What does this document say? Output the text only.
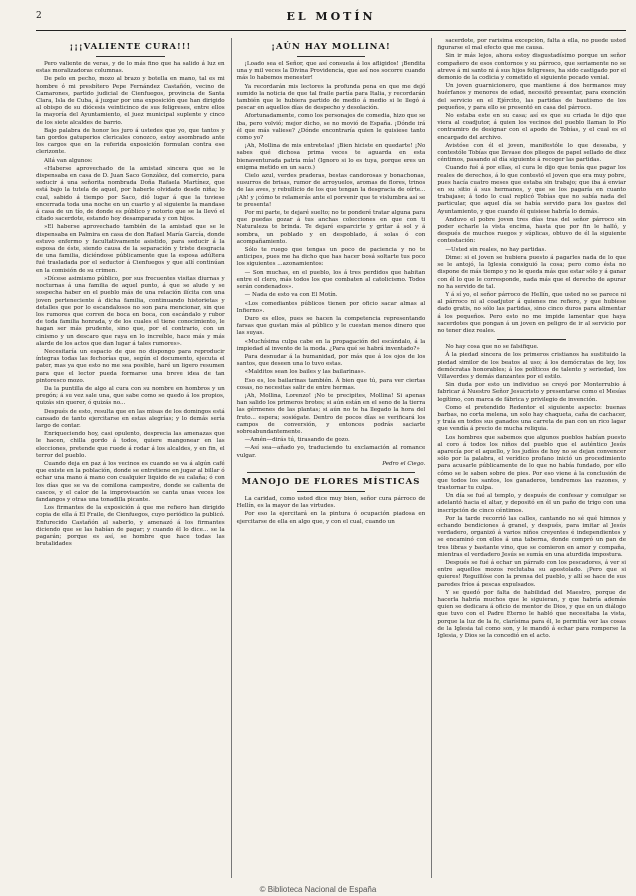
2	EL MOTÍN
¡¡¡VALIENTE CURA!!!

Pero valiente de veras, y de lo más fino que ha salido á luz en estas moralizadoras columnas.

De pelo en pecho, mozo al brazo y botella en mano, tal es mi hombre ó mi presbítero Pepe Fernández Castañón, vecino de Camarones, partido judicial de Cienfuegos, provincia de Santa Clara, Isla de Cuba, á juzgar por una exposición que han dirigido al obispo de su diócesis veinticinco de sus feligreses, entre ellos la mayoría del Ayuntamiento, el juez municipal suplente y cinco de los siete alcaldes de barrio.

Bajo palabra de honor les juro á ustedes que yo, que tantos y tan gordos gatuperios clericales conozco, estoy asombrado ante los cargos que en la referida exposición formulan contra ese clerizonte.

Allá van algunos:

«Haberse aprovechado de la amistad sincera que se le dispensaba en casa de D. Juan Saco González, del comercio, para seducir á una señorita nombrada Doña Rafaela Martínez, que está bajo la tutela de aquel, por haberle olvidado desde niña; lo cual, sabido á tiempo por Saco, dió lugar á que la tuviese encerrada toda una noche en un cuarto y al siguiente la mandase á casa de un tío, de donde es público y notorio que se la llevó el citado sacerdote, estando hoy desamparada y con hijos.

»El haberse aprovechado también de la amistad que se le dispensaba en Palmira en casa de don Rafael María García, donde estuvo enfermo y facultativamente asistido, para seducir á la esposa de éste, siendo causa de la separación y triste desgracia de una familia, diciéndose públicamente que la esposa adúltera fué trasladada por el seductor á Cienfuegos y que allí continúan en la comisión de su crimen.

»Dícese asimismo público, por sus frecuentes visitas diurnas y nocturnas á una familia de aquel punto, á que se alude y se sospecha haber en el pueblo más de una relación ilícita con una joven perteneciente á dicha familia, continuando historietas y detalles que por lo escandalosos no son para mencionar, sin que los rumores que corren de boca en boca, con escándalo y rubor de toda familia honrada, y de los cuales el tiene conocimiento, le hagan ser más prudente, sino que, por el contrario, con un cinismo y un descaro que raya en lo increíble, hace más y más alarde de los actos que dan lugar á tales rumores».

Necesitaría un espacio de que no dispongo para reproducir íntegras todas las fechorías que, según el documento, ejecuta el pater, mas ya que esto no me sea posible, haré un ligero resumen para que el lector pueda formarse una breve idea de tan pintoresco mozo.

Da la puntilla de algo al cura con su nombre en hombros y un pregón; á su vez sale una, que sabe como se quedo á los propios, quizás sin querer, ó quizás no...

Después de esto, resulta que en las misas de los domingos está cansado de tanto ejercitarse en estas alegrías; y lo demás sería largo de contar.

Enriqueciendo hoy, casi opulento, desprecia las amenazas que le hacen, chilla gordo á todos, quiere mangonear en las elecciones, pretende que ruede á rodar á los alcaldes, y en fin, el terror del pueblo.

Cuando deja en paz á los vecinos es cuando se va á algún café que existe en la población, donde se entretiene en jugar al billar ó echar una mano á mano con cualquier liquido de su calaña; ó con los días que se va de comilona campestre, donde se calienta de cascos, y el calor de la improvisación se canta unas veces los fandangos y otras una tonadilla picante.

Los firmantes de la exposición á que me refiero han dirigido copia de ella á El Fraile, de Cienfuegos, cuyo periódico la publicó. Enfurecido Castañón al saberlo, y amenazó á los firmantes diciendo que se las habían de pagar; y cuando él lo dice... se la pagarán; porque es así, se hombre que hace todas las brutalidades

¡AÚN HAY MOLLINA!

¡Loado sea el Señor, que así consuela á los afligidos! ¡Bendita una y mil veces la Divina Providencia, que así nos socorre cuando más lo habemos menester!

Ya recordarán mis lectores la profunda pena en que me dejó sumido la noticia de que tal fraile partía para Italia, y recordarán también que le hubiera partido de medio á medio si le llegó á pescar en aquellos días de despecho y desolación.

Afortunadamente, como los personajes de comedia, hizo que se iba, pero volvió; mejor dicho, se no movió de España. ¡Dónde irá él que más valiese? ¿Dónde encontraría quien le quisiese tanto como yo?

¡Ah, Mollina de mis entretelas! ¡Bien hiciste en quedarte! ¡No sabes qué dichosa prima veces te aguarda en esta bienaventurada patria mía! (Ignoro si lo es tuya, porque eres un enigma metido en un saco.)

Cielo azul, verdes praderas, bestas candorosas y bonachonas, susurros de brisas, rumor de arroyuelos, aromas de flores, trinos de las aves, y rebullicio de los que tengan la desgracia de oírte... ¡Ah! y ¡cómo te relamerás ante el porvenir que te vislumbra así se te presenta!

Por mi parte, te dejaré suelto; no te ponderé tratar alguna para que puedas gozar á tus anchas colecciones en que con ti Naturaleza te brinda. Te dejaré esparcirte y gritar á sol y á sombra, un poblado y en despoblado, á solas ó con acompañamiento.

Sólo te ruego que tengas un poco de paciencia y no te anticipes, pues me ha dicho que has hacer bosá soltarte tus poco los siguientes ...azonamientos:

— Son muchas, en el pueblo, los á tres perdidos que habitan entre el clero, más todos los que combaten al catolicismo. Todos serán condenados».

— Nada de esto va con El Motín.

«Los comediantes públicos tienen por oficio sacar almas al Infierno».

Duro es ellos, pues se hacen la competencia representando farsas que gustan más al público y le cuestan menos dinero que las suyas.

«Muchísima culpa cabe en la propagación del escándalo, á la impiedad al invento de la moda. ¿Para qué se habrá inventado?»

Para desnudar á la humanidad, por más que á los ojos de los santos, que deseen una lo tuvo estas.

«Malditos sean los bailes y las bailarinas».

Eso es, los bailarinas también. Á bien que tú, para ver ciertas cosas, no necesitas salir de entre hermas.

¡Ah, Mollina, Lorenzo! ¡No te precipites, Mollina! Si apenas han salido los primeros brotes; si aún están en el seno de la tierra las gérmenes de las plantas; si aún no te ha llegado la hora del fruto... espera; sosiégate. Dentro de pocos días se verificará los campos de conversión, y entonces podrás saciarte sobreabundantemente.

—Amén—dirás tú, tirasando de gozo.

—Así sea—añado yo, traduciendo tu exclamación al romance vulgar.

Pedro el Ciego.
MANOJO DE FLORES MÍSTICAS

La caridad, como usted dice muy bien, señor cura párroco de Hellín, es la mayor de las virtudes.

Por eso la ejercitará en la pintura ó ocupación piadosa en ejercitarse de ella en algo que, y con el cual, cuando un

sacerdote, por rarísima excepción, falta á ella, no puede usted figurarse el mal efecto que me causa.

Sin ir más lejos, ahora estoy disgustadísimo porque un señor compañero de esos contornos y su párroco, que seriamente no se atreve á mi santo ni á sus hijos feligreses, ha sido castigado por el demonio de la codicia y cometido el siguiente pecado venial.

Un joven guarnicionero, que mantiene á dos hermanos muy huérfanos y menores de edad, necesitó presentar, para exención del servicio en el Ejército, las partidas de bautismo de los pequeños, y para ello se presentó en casa del párroco.

No estaba este en su casa; así es que su criada le dijo que viera al coadjutor, á quien los vecinos del pueblo llaman lo Pío contramiro de designar con el apodo de Tobías, y el cual es el encargado del archivo.

Avistóse con él el joven, manifestóle lo que deseaba, y contestóle Tobías que llevase dos pliegos de papel sellado de diez céntimos, pasando al día siguiente á recoger las partidas.

Cuando fué á por ellas, el cura le dijo que tenía que pagar los reales de derechos, á lo que contestó el joven que era muy pobre, pues hacía cuatro meses que estaba sin trabajo; que iba á enviar en su sitio á sus hermanos, y que se los pagaría en cuanto trabajase; á todo lo cual replicó Tobías que no sabía nada del particular, que aquel día se había servido para los gastos del Ayuntamiento, y que cuando él quisiese habría lo demás.

Anduvo el pobre joven tres días tras del señor párroco sin poder echarle la vista encima, hasta que por fin le halló, y después de muchos ruegos y súplicas, obtuvo de él la siguiente contestación:

—Usted sin reales, no hay partidas.

Dime: si el joven se hubiera puesto á pagarles nada de lo que se le antojó, la Iglesia consiguió la cosa; pero como ésta no dispone de más tiempo y no le queda más que estar sólo y á ganar con él lo que le corresponde, nada más que el derecho de apurar no ha servido de tal.

Y á sí yo, el señor párroco de Hellín, que usted no se parece ni al párroco ni al coadjutor á quienes me refiero, y que hubiese dado gratis, no sólo las partidas, sino cinco duros para alimentar á los pequeños. Pero esto no me impide lamentar que haya sacerdotes que pongan á un joven en peligro de ir al servicio por no tener diez reales.

No hay cosa que no se falsifique.

Á la piedad sincera de los primeros cristianos ha sustituido la piedad similor de los beatos al uso; á los demócratas de ley, los demócratas honorables; á los políticos de talento y seriedad, los Villaverdes y demás danzantes por el estilo.

Sin duda por esto un individuo se creyó por Monterrubio á fabricar á Nuestro Señor Jesucristo y presentarse como el Mesías legítimo, con marca de fábrica y privilegio de invención.

Como el pretendido Redentor el siguiente aspecto: buenas barbas, no corta melena, un solo hay chaqueta, caña de cachacer, y traía en todos sus ganados una carreta de pan con un rico lagar que vendía á precio de mucha reliquia.

Los hombres que sabemos que algunos pueblos habían puesto al coro á todos los niños del pueblo que el auténtico Jesús aparecía por el aquello, y los judíos de hoy no se dejan convencer sólo por la palabra, el verídico profano inició un procedimiento para acusarle públicamente de lo que no había fundado, por ello cómo se le saben sobre de pies. Por eso viene á la conclusión de que todos los santos, los ganaderos, tendremos las razones, y trastornar tu culpa.

Un día se fué al templo, y después de confesar y comulgar se adelantó hacia el altar, y depositó en él un paño de trigo con una inscripción de cinco céntimos.

Por la tarde recorrió las calles, cantando no sé qué himnos y echando bendiciones á granel, y después, para imitar al Jesús verdadero, organizó á varios niños creyentes é independientes y se encaminó con ellos á una taberna, donde compró un pan de tres libras y bastante vino, que se comieron en amor y compaña, mientras el verdadero Jesús se sumía en una aturdida impostura.

Después se fué á echar un párrafo con los pescadores, á ver si entre aquellos mozos reclutaba su apostolado. ¡Pero que si quieres! Reguillóse con la prensa del pueblo, y allí se hace de sus paredes fríos á pescas expulsados.

Y se quedó por falta de habilidad del Maestro, porque de hacerla habría muchos que le siguieran, y que habría además quien se dedicara á oficio de mentor de Dios, y que en un diálogo que tuvo con el Padre Eterno le habló que necesitaba la vista, porque la luz de la fe, clarísima para él, le permitía ver las cosas de la Iglesia tal como son, y le mandó á echar para romperse la Iglesia, y Dios se la concedió en el acto.

© Biblioteca Nacional de España
